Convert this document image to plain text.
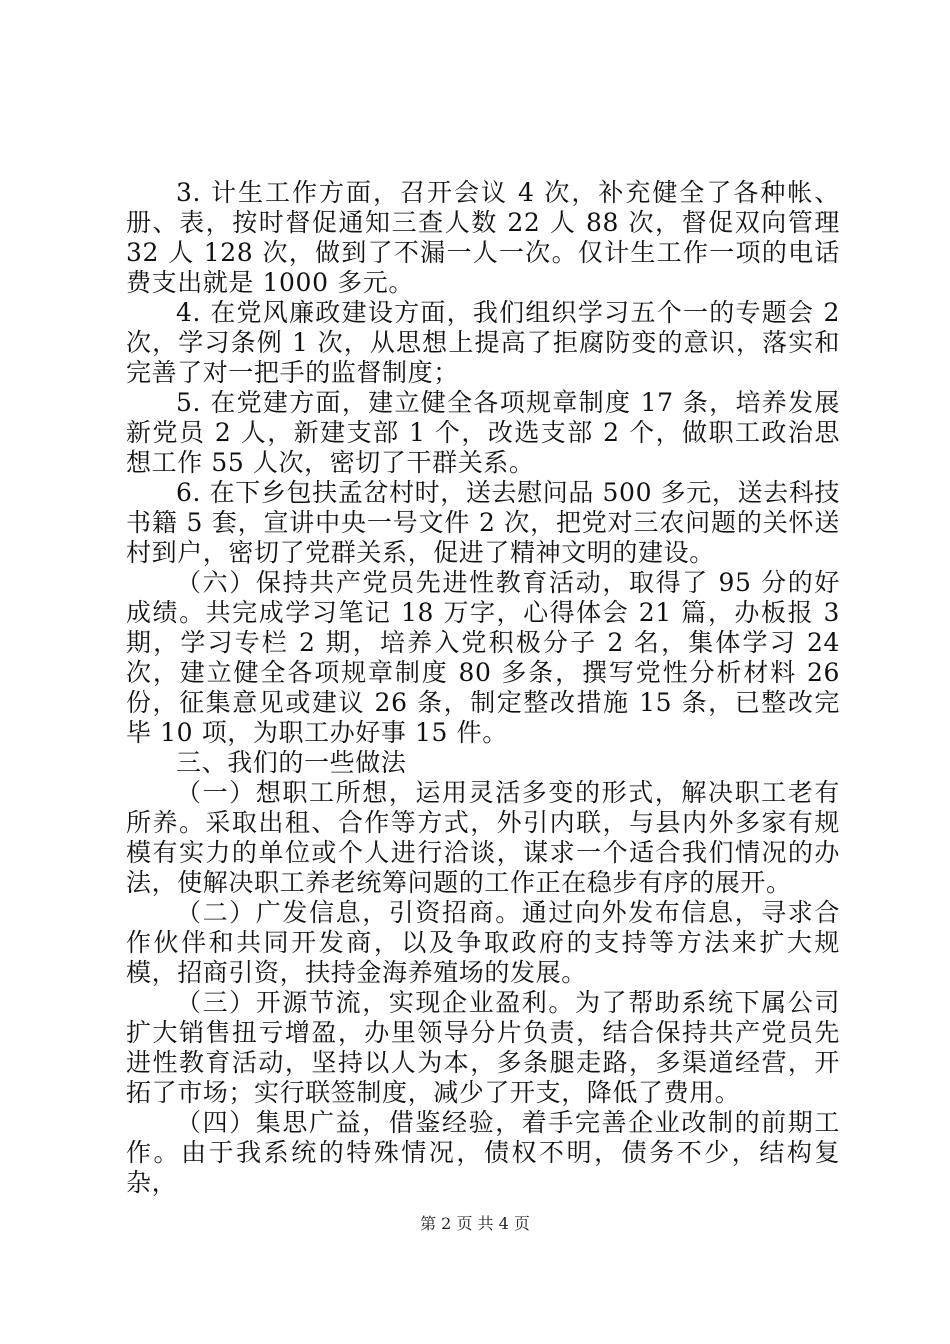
3. 计生工作方面，召开会议 4 次，补充健全了各种帐、册、表，按时督促通知三查人数 22 人 88 次，督促双向管理 32 人 128 次，做到了不漏一人一次。仅计生工作一项的电话费支出就是 1000 多元。

4. 在党风廉政建设方面，我们组织学习五个一的专题会 2 次，学习条例 1 次，从思想上提高了拒腐防变的意识，落实和完善了对一把手的监督制度；

5. 在党建方面，建立健全各项规章制度 17 条，培养发展新党员 2 人，新建支部 1 个，改选支部 2 个，做职工政治思想工作 55 人次，密切了干群关系。

6. 在下乡包扶孟岔村时，送去慰问品 500 多元，送去科技书籍 5 套，宣讲中央一号文件 2 次，把党对三农问题的关怀送村到户，密切了党群关系，促进了精神文明的建设。

（六）保持共产党员先进性教育活动，取得了 95 分的好成绩。共完成学习笔记 18 万字，心得体会 21 篇，办板报 3 期，学习专栏 2 期，培养入党积极分子 2 名，集体学习 24 次，建立健全各项规章制度 80 多条，撰写党性分析材料 26 份，征集意见或建议 26 条，制定整改措施 15 条，已整改完毕 10 项，为职工办好事 15 件。

三、我们的一些做法

（一）想职工所想，运用灵活多变的形式，解决职工老有所养。采取出租、合作等方式，外引内联，与县内外多家有规模有实力的单位或个人进行洽谈，谋求一个适合我们情况的办法，使解决职工养老统筹问题的工作正在稳步有序的展开。

（二）广发信息，引资招商。通过向外发布信息，寻求合作伙伴和共同开发商，以及争取政府的支持等方法来扩大规模，招商引资，扶持金海养殖场的发展。

（三）开源节流，实现企业盈利。为了帮助系统下属公司扩大销售扭亏增盈，办里领导分片负责，结合保持共产党员先进性教育活动，坚持以人为本，多条腿走路，多渠道经营，开拓了市场；实行联签制度，减少了开支，降低了费用。

（四）集思广益，借鉴经验，着手完善企业改制的前期工作。由于我系统的特殊情况，债权不明，债务不少，结构复杂，

第 2 页 共 4 页
